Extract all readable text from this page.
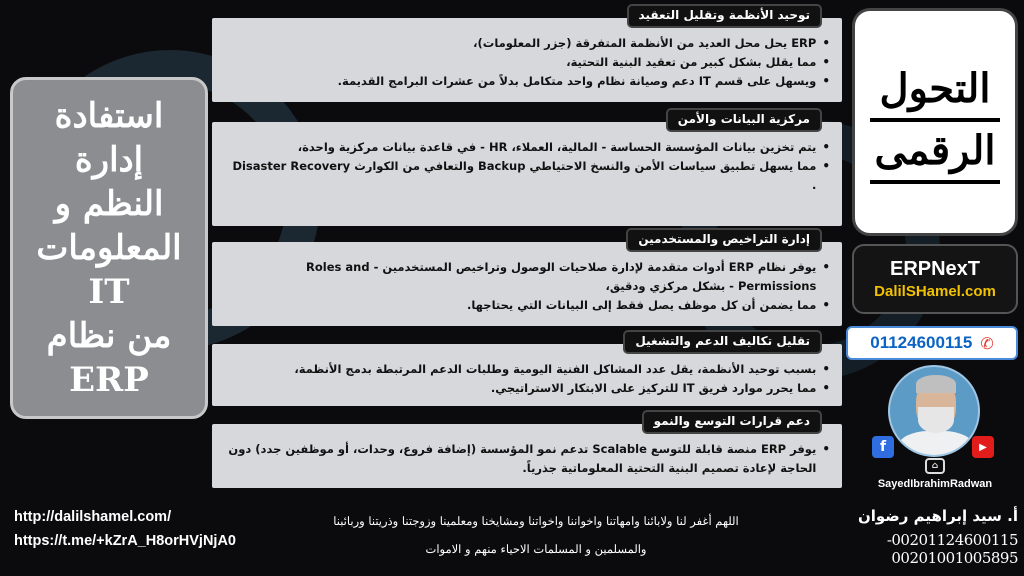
استفادة
إدارة
النظم و
المعلومات
IT
من نظام
ERP
•
ERP يحل محل العديد من الأنظمة المتفرقة (جزر المعلومات)،
•
مما يقلل بشكل كبير من تعقيد البنية التحتية،
•
ويسهل على قسم IT دعم وصيانة نظام واحد متكامل بدلاً من عشرات البرامج القديمة.
توحيد الأنظمة وتقليل التعقيد
•
يتم تخزين بيانات المؤسسة الحساسة - المالية، العملاء، HR - في قاعدة بيانات مركزية واحدة،
•
مما يسهل تطبيق سياسات الأمن والنسخ الاحتياطي Backup والتعافي من الكوارث Disaster Recovery .
مركزية البيانات والأمن
•
يوفر نظام ERP أدوات متقدمة لإدارة صلاحيات الوصول وتراخيص المستخدمين - Roles and Permissions - بشكل مركزي ودقيق،
•
مما يضمن أن كل موظف يصل فقط إلى البيانات التي يحتاجها.
إدارة التراخيص والمستخدمين
•
بسبب توحيد الأنظمة، يقل عدد المشاكل الفنية اليومية وطلبات الدعم المرتبطة بدمج الأنظمة،
•
مما يحرر موارد فريق IT للتركيز على الابتكار الاستراتيجي.
تقليل تكاليف الدعم والتشغيل
•
يوفر ERP منصة قابلة للتوسع Scalable تدعم نمو المؤسسة (إضافة فروع، وحدات، أو موظفين جدد) دون الحاجة لإعادة تصميم البنية التحتية المعلوماتية جذرياً.
دعم قرارات التوسع والنمو
التحول
الرقمى
ERPNexT
DalilSHamel.com
01124600115 ✆
f
⌂
▶
SayedIbrahimRadwan
http://dalilshamel.com/
https://t.me/+kZrA_H8orHVjNjA0
اللهم أغفر لنا ولابائنا وامهاتنا واخواننا واخواتنا ومشايخنا ومعلمينا وزوجتنا وذريتنا وربائبنا
والمسلمين و المسلمات الاحياء منهم و الاموات
أ. سيد إبراهيم رضوان
00201124600115- 00201001005895
